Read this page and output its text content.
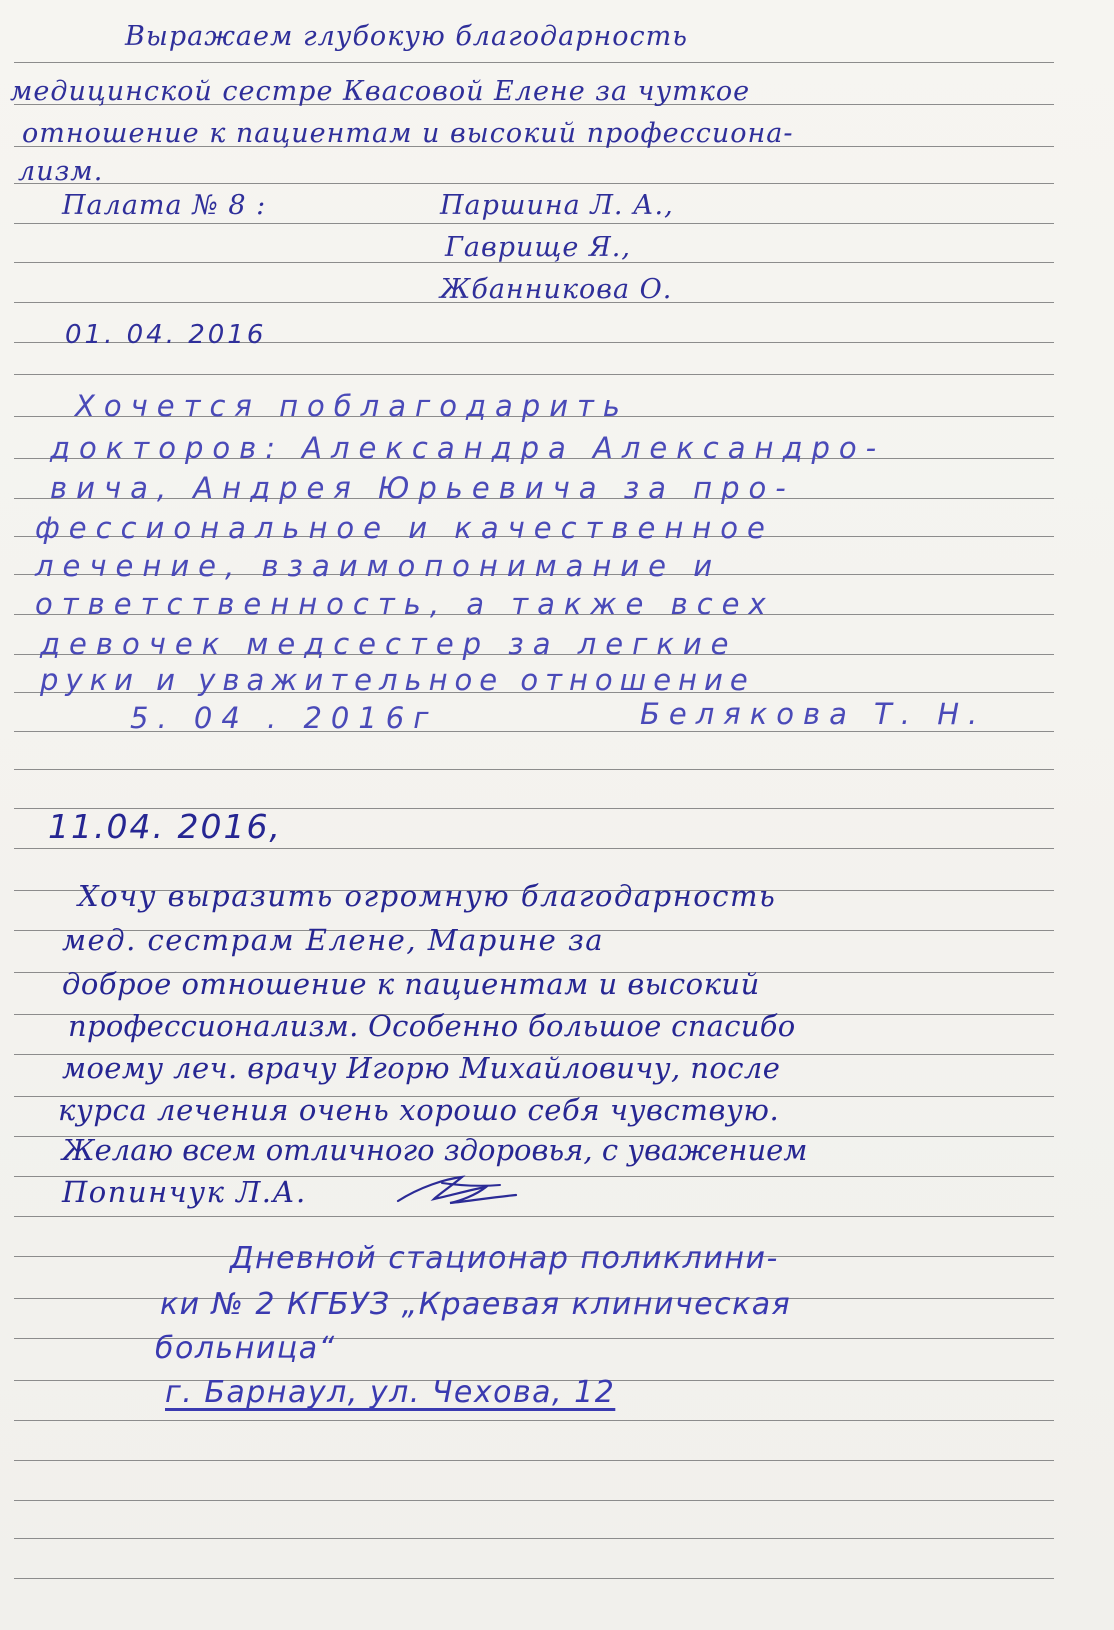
Выражаем глубокую благодарность
медицинской сестре Квасовой Елене за чуткое
отношение к пациентам и высокий профессиона-
лизм.
Палата № 8 :	Паршина Л. А.,
Гаврище Я.,
Жбанникова О.
01. 04. 2016
Хочется поблагодарить
докторов: Александра Александро-
вича, Андрея Юрьевича за про-
фессиональное и качественное
лечение, взаимопонимание и
ответственность, а также всех
девочек медсестер за легкие
руки и уважительное отношение
5. 04 . 2016г	Белякова Т. Н.
11.04. 2016,
Хочу выразить огромную благодарность
мед. сестрам Елене, Марине за
доброе отношение к пациентам и высокий
профессионализм. Особенно большое спасибо
моему леч. врачу Игорю Михайловичу, после
курса лечения очень хорошо себя чувствую.
Желаю всем отличного здоровья, с уважением
Попинчук Л.А.
Дневной стационар поликлини-
ки № 2 КГБУЗ „Краевая клиническая
больница“
г. Барнаул, ул. Чехова, 12
